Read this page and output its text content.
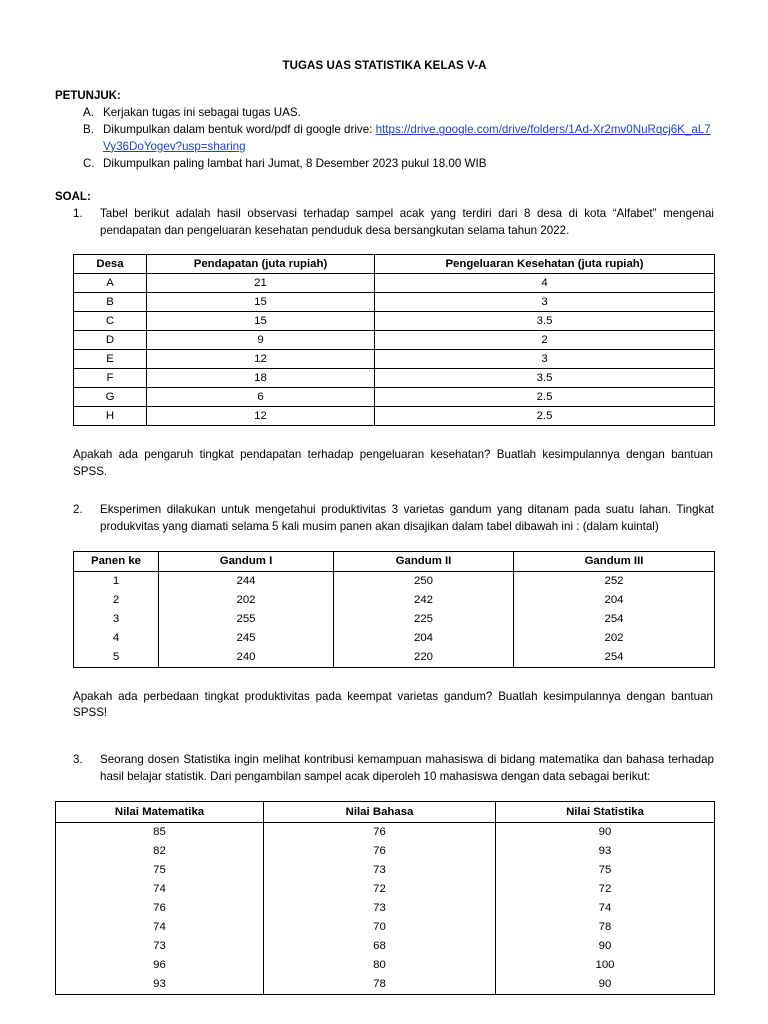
TUGAS UAS STATISTIKA KELAS V-A
PETUNJUK:
A. Kerjakan tugas ini sebagai tugas UAS.
B. Dikumpulkan dalam bentuk word/pdf di google drive: https://drive.google.com/drive/folders/1Ad-Xr2mv0NuRqcj6K_aL7Vy36DoYogev?usp=sharing
C. Dikumpulkan paling lambat hari Jumat, 8 Desember 2023 pukul 18.00 WIB
SOAL:
1.	Tabel berikut adalah hasil observasi terhadap sampel acak yang terdiri dari 8 desa di kota “Alfabet” mengenai pendapatan dan pengeluaran kesehatan penduduk desa bersangkutan selama tahun 2022.
Desa	Pendapatan (juta rupiah)	Pengeluaran Kesehatan (juta rupiah)
A	21	4
B	15	3
C	15	3.5
D	9	2
E	12	3
F	18	3.5
G	6	2.5
H	12	2.5

Apakah ada pengaruh tingkat pendapatan terhadap pengeluaran kesehatan? Buatlah kesimpulannya dengan bantuan SPSS.

2.	Eksperimen dilakukan untuk mengetahui produktivitas 3 varietas gandum yang ditanam pada suatu lahan. Tingkat produkvitas yang diamati selama 5 kali musim panen akan disajikan dalam tabel dibawah ini : (dalam kuintal)
Panen ke	Gandum I	Gandum II	Gandum III
1	244	250	252
2	202	242	204
3	255	225	254
4	245	204	202
5	240	220	254

Apakah ada perbedaan tingkat produktivitas pada keempat varietas gandum? Buatlah kesimpulannya dengan bantuan SPSS!

3.	Seorang dosen Statistika ingin melihat kontribusi kemampuan mahasiswa di bidang matematika dan bahasa terhadap hasil belajar statistik. Dari pengambilan sampel acak diperoleh 10 mahasiswa dengan data sebagai berikut:
Nilai Matematika	Nilai Bahasa	Nilai Statistika
85	76	90
82	76	93
75	73	75
74	72	72
76	73	74
74	70	78
73	68	90
96	80	100
93	78	90
